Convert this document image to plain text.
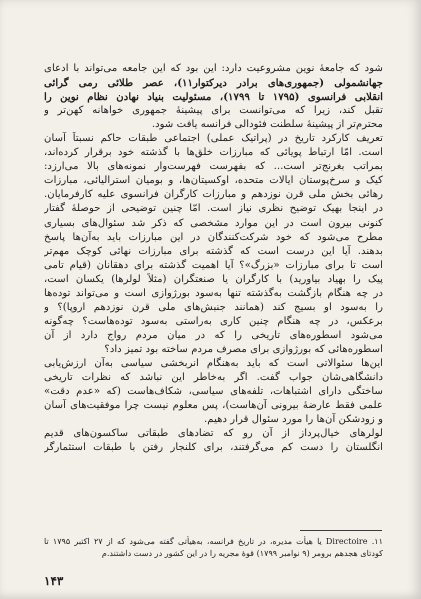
شود که جامعهٔ نوین مشروعیت دارد: این بود که این جامعه می‌تواند با ادعای
جهانشمولی (جمهوری‌های برادر دیرکتوار۱۱)، عصر طلائی رمی گرائی
انقلابی فرانسوی (۱۷۹۵ تا ۱۷۹۹)، مسئولیت بنیاد نهادن نظام نوین را
تقبل کند، زیرا که می‌توانست برای پیشینهٔ جمهوری خواهانه کهن‌تر و
محترم‌تر از پیشینهٔ سلطنت فئودالی فرانسه یافت شود.
تعریف کارکرد تاریخ در (پراتیک عملی) اجتماعی طبقات حاکم نسبتاً آسان
است. امّا ارتباط پویائی که مبارزات خلق‌ها با گذشته خود برقرار کرده‌اند،
بمراتب بغرنج‌تر است... که بفهرست فهرست‌وار نمونه‌های بالا می‌ارزد:
کیک و سرخ‌پوستان ایالات متحده، اوکسیتان‌ها، و بومیان استرالیائی، مبارزات
رهائی بخش ملی قرن نوزدهم و مبارزات کارگران فرانسوی علیه کارفرمایان.
در اینجا بهیک توضیح نظری نیاز است. امّا چنین توضیحی از حوصلهٔ گفتار
کنونی بیرون است در این موارد مشخصی که ذکر شد سئوال‌های بسیاری
مطرح می‌شود که خود شرکت‌کنندگان در این مبارزات باید به‌آن‌ها پاسخ
بدهند. آیا این درست است که گذشته برای مبارزات نهائی کوچک مهم‌تر
است تا برای مبارزات «بزرگ»؟ آیا اهمیت گذشته برای دهقانان (قیام تامی
پیک را بهیاد بیاورید) با کارگران یا صنعتگران (مثلاً لولرها) یکسان است،
در چه هنگام بازگشت به‌گذشته تنها به‌سود بورژوازی است و می‌تواند توده‌ها
را به‌سود او بسیج کند (همانند جنبش‌های ملی قرن نوزدهم اروپا)؟ و
برعکس، در چه هنگام چنین کاری به‌راستی به‌سود توده‌هاست؟ چه‌گونه
می‌شود اسطوره‌های تاریخی را که در میان مردم رواج دارد از آن
اسطوره‌هائی که بورژوازی برای مصرف مردم ساخته بود تمیز داد؟
این‌ها سئوالاتی است که باید به‌هنگام انربخشی سیاسی به‌آن ارزش‌یابی
دانشگاهی‌شان جواب گفت. اگر به‌خاطر این نباشد که نظرات تاریخی
ساختگی دارای اشتباهات، تلفه‌های سیاسی، شکاف‌هاست (که «عدم دقت»
علمی فقط عارضهٔ بیرونی آن‌هاست)، پس معلوم نیست چرا موفقیت‌های آسان
و زودشکن آن‌ها را مورد سئوال قرار دهیم.
لولرهای خیال‌پرداز از آن رو که تضادهای طبقاتی ساکسون‌های قدیم
انگلستان را دست کم می‌گرفتند، برای کلنجار رفتن با طبقات استثمارگر
۱۱. Directoire یا هیأت مدیره، در تاریخ فرانسه، به‌هیأتی گفته می‌شود که از ۲۷ اکتبر ۱۷۹۵ تا
کودتای هجدهم برومر (۹ نوامبر ۱۷۹۹) قوهٔ مجریه را در این کشور در دست داشتند.م
۱۴۳
